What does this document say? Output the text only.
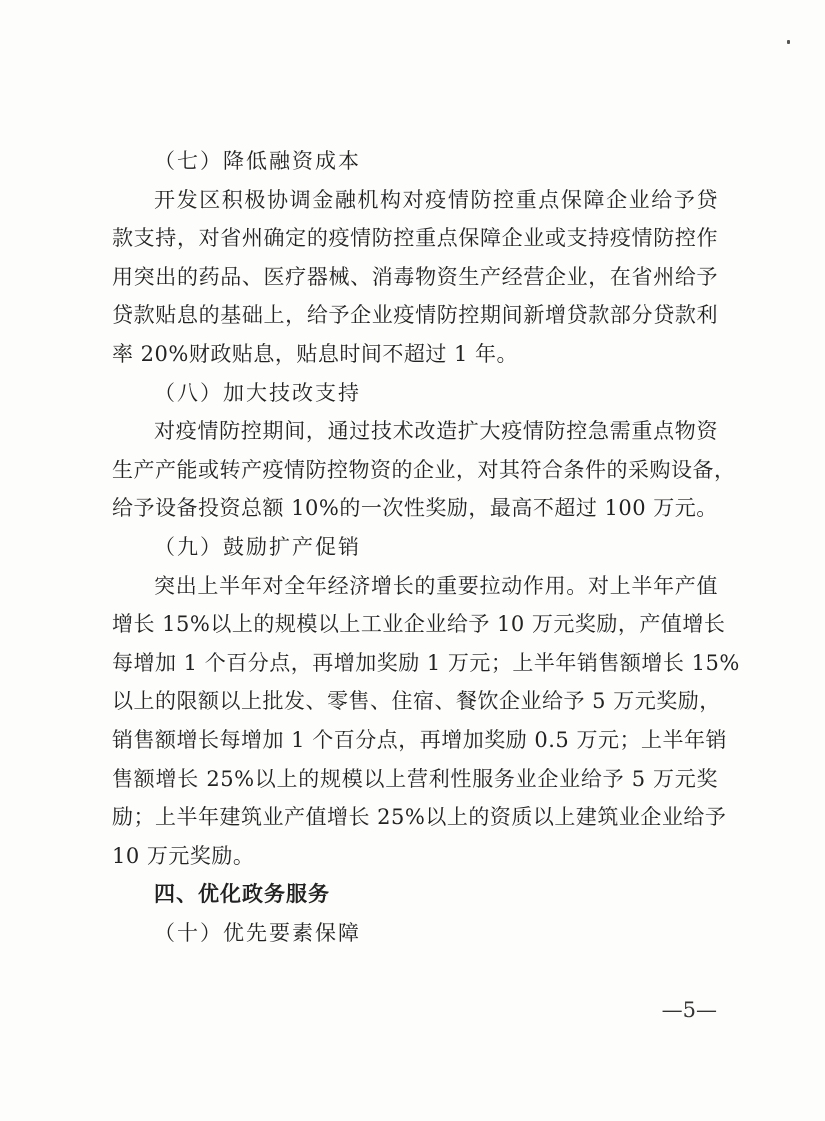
（七）降低融资成本
开发区积极协调金融机构对疫情防控重点保障企业给予贷
款支持，对省州确定的疫情防控重点保障企业或支持疫情防控作
用突出的药品、医疗器械、消毒物资生产经营企业，在省州给予
贷款贴息的基础上，给予企业疫情防控期间新增贷款部分贷款利
率 20%财政贴息，贴息时间不超过 1 年。
（八）加大技改支持
对疫情防控期间，通过技术改造扩大疫情防控急需重点物资
生产产能或转产疫情防控物资的企业，对其符合条件的采购设备，
给予设备投资总额 10%的一次性奖励，最高不超过 100 万元。
（九）鼓励扩产促销
突出上半年对全年经济增长的重要拉动作用。对上半年产值
增长 15%以上的规模以上工业企业给予 10 万元奖励，产值增长
每增加 1 个百分点，再增加奖励 1 万元；上半年销售额增长 15%
以上的限额以上批发、零售、住宿、餐饮企业给予 5 万元奖励，
销售额增长每增加 1 个百分点，再增加奖励 0.5 万元；上半年销
售额增长 25%以上的规模以上营利性服务业企业给予 5 万元奖
励；上半年建筑业产值增长 25%以上的资质以上建筑业企业给予
10 万元奖励。
四、优化政务服务
（十）优先要素保障
—5—
